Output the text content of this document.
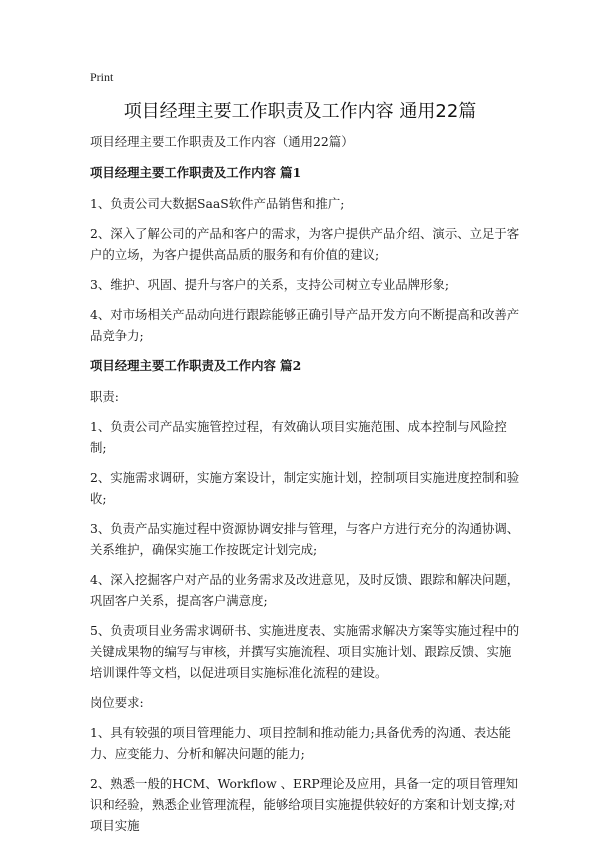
Print
项目经理主要工作职责及工作内容 通用22篇

项目经理主要工作职责及工作内容（通用22篇）

项目经理主要工作职责及工作内容 篇1

1、负责公司大数据SaaS软件产品销售和推广;

2、深入了解公司的产品和客户的需求，为客户提供产品介绍、演示、立足于客户的立场，为客户提供高品质的服务和有价值的建议;

3、维护、巩固、提升与客户的关系，支持公司树立专业品牌形象;

4、对市场相关产品动向进行跟踪能够正确引导产品开发方向不断提高和改善产品竞争力;

项目经理主要工作职责及工作内容 篇2

职责:

1、负责公司产品实施管控过程，有效确认项目实施范围、成本控制与风险控制;

2、实施需求调研，实施方案设计，制定实施计划，控制项目实施进度控制和验收;

3、负责产品实施过程中资源协调安排与管理，与客户方进行充分的沟通协调、关系维护，确保实施工作按既定计划完成;

4、深入挖掘客户对产品的业务需求及改进意见，及时反馈、跟踪和解决问题，巩固客户关系，提高客户满意度;

5、负责项目业务需求调研书、实施进度表、实施需求解决方案等实施过程中的关键成果物的编写与审核，并撰写实施流程、项目实施计划、跟踪反馈、实施培训课件等文档，以促进项目实施标准化流程的建设。

岗位要求:

1、具有较强的项目管理能力、项目控制和推动能力;具备优秀的沟通、表达能力、应变能力、分析和解决问题的能力;

2、熟悉一般的HCM、Workflow 、ERP理论及应用，具备一定的项目管理知识和经验，熟悉企业管理流程，能够给项目实施提供较好的方案和计划支撑;对项目实施
